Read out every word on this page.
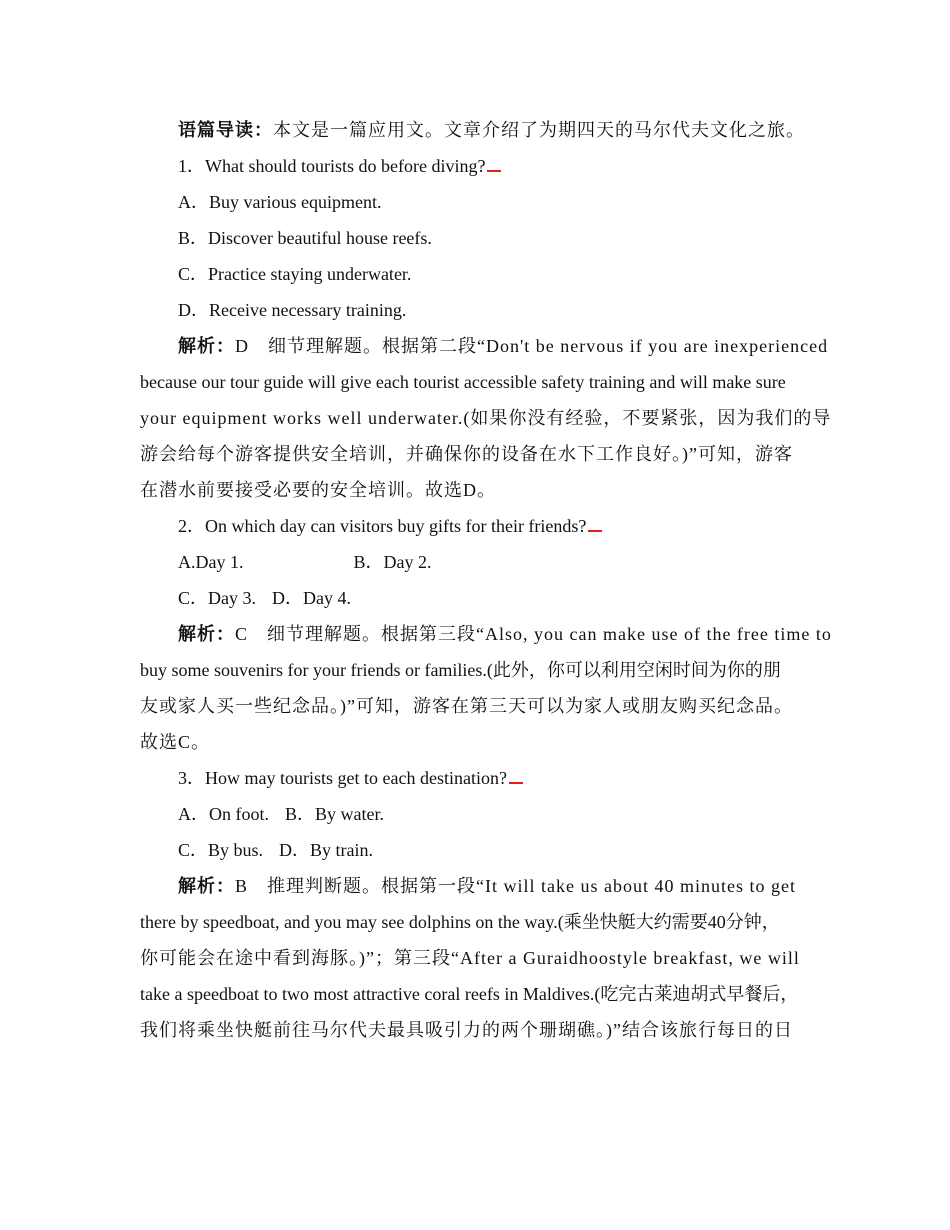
语篇导读：本文是一篇应用文。文章介绍了为期四天的马尔代夫文化之旅。

1．What should tourists do before diving?

A．Buy various equipment.

B．Discover beautiful house reefs.

C．Practice staying underwater.

D．Receive necessary training.

解析：D　细节理解题。根据第二段“Don't be nervous if you are inexperienced

because our tour guide will give each tourist accessible safety training and will make sure

your equipment works well underwater.(如果你没有经验，不要紧张，因为我们的导

游会给每个游客提供安全培训，并确保你的设备在水下工作良好。)”可知，游客

在潜水前要接受必要的安全培训。故选D。

2．On which day can visitors buy gifts for their friends?

A.Day 1.	B．Day 2.

C．Day 3. D．Day 4.

解析：C　细节理解题。根据第三段“Also, you can make use of the free time to

buy some souvenirs for your friends or families.(此外，你可以利用空闲时间为你的朋

友或家人买一些纪念品。)”可知，游客在第三天可以为家人或朋友购买纪念品。

故选C。

3．How may tourists get to each destination?

A．On foot. B．By water.

C．By bus. D．By train.

解析：B　推理判断题。根据第一段“It will take us about 40 minutes to get

there by speedboat, and you may see dolphins on the way.(乘坐快艇大约需要40分钟，

你可能会在途中看到海豚。)”；第三段“After a Guraidhoostyle breakfast, we will

take a speedboat to two most attractive coral reefs in Maldives.(吃完古莱迪胡式早餐后，

我们将乘坐快艇前往马尔代夫最具吸引力的两个珊瑚礁。)”结合该旅行每日的日
